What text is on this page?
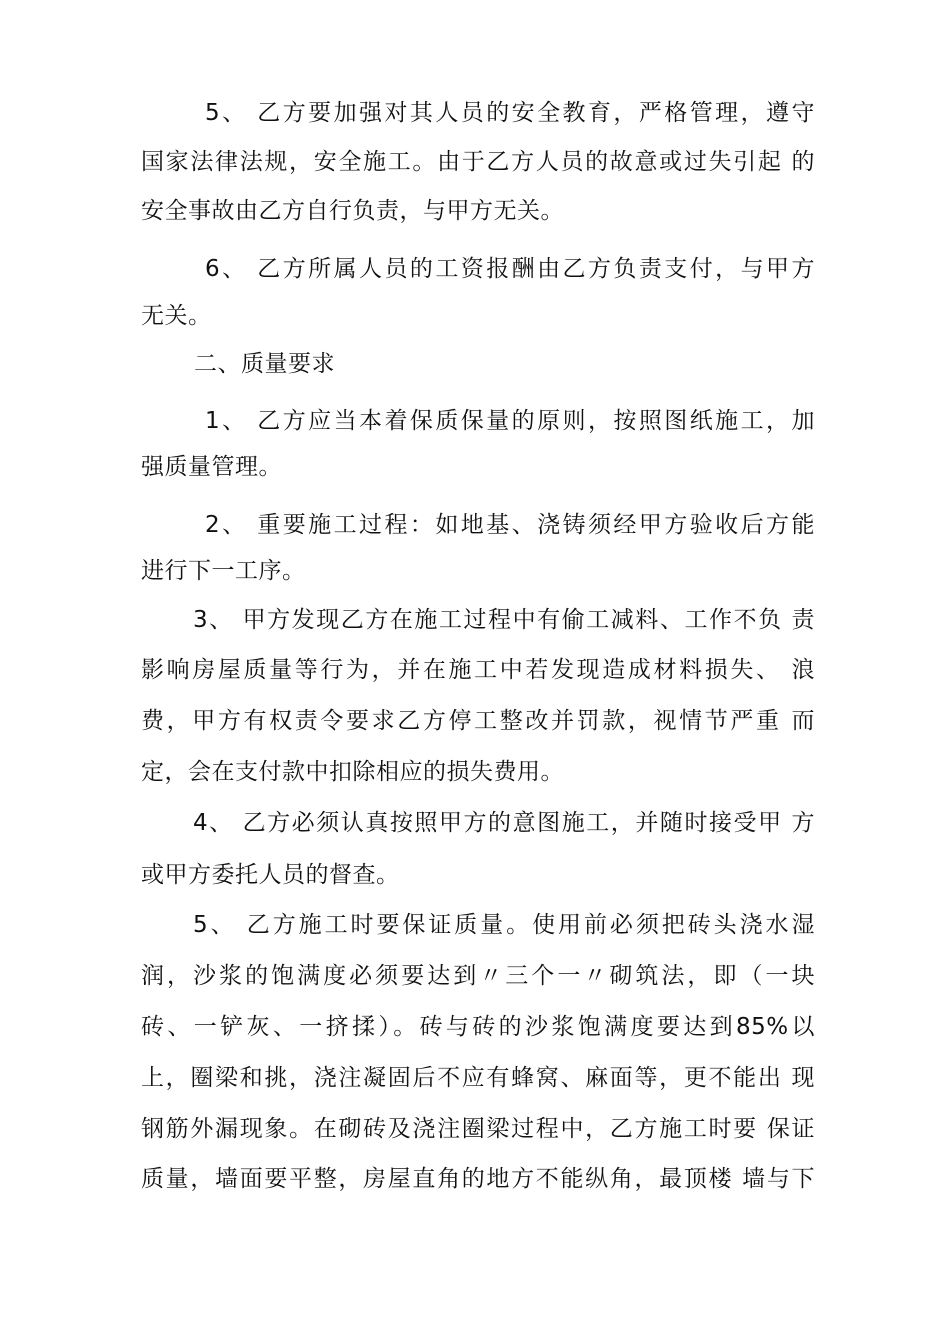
5、 乙方要加强对其人员的安全教育，严格管理，遵守
国家法律法规，安全施工。由于乙方人员的故意或过失引起 的
安全事故由乙方自行负责，与甲方无关。
6、 乙方所属人员的工资报酬由乙方负责支付，与甲方
无关。
二、质量要求
1、 乙方应当本着保质保量的原则，按照图纸施工，加
强质量管理。
2、 重要施工过程：如地基、浇铸须经甲方验收后方能
进行下一工序。
3、 甲方发现乙方在施工过程中有偷工减料、工作不负 责
影响房屋质量等行为，并在施工中若发现造成材料损失、 浪
费，甲方有权责令要求乙方停工整改并罚款，视情节严重 而
定，会在支付款中扣除相应的损失费用。
4、 乙方必须认真按照甲方的意图施工，并随时接受甲 方
或甲方委托人员的督查。
5、 乙方施工时要保证质量。使用前必须把砖头浇水湿
润，沙浆的饱满度必须要达到〃三个一〃砌筑法，即（一块
砖、一铲灰、一挤揉）。砖与砖的沙浆饱满度要达到85%以
上，圈梁和挑，浇注凝固后不应有蜂窝、麻面等，更不能出 现
钢筋外漏现象。在砌砖及浇注圈梁过程中，乙方施工时要 保证
质量，墙面要平整，房屋直角的地方不能纵角，最顶楼 墙与下
